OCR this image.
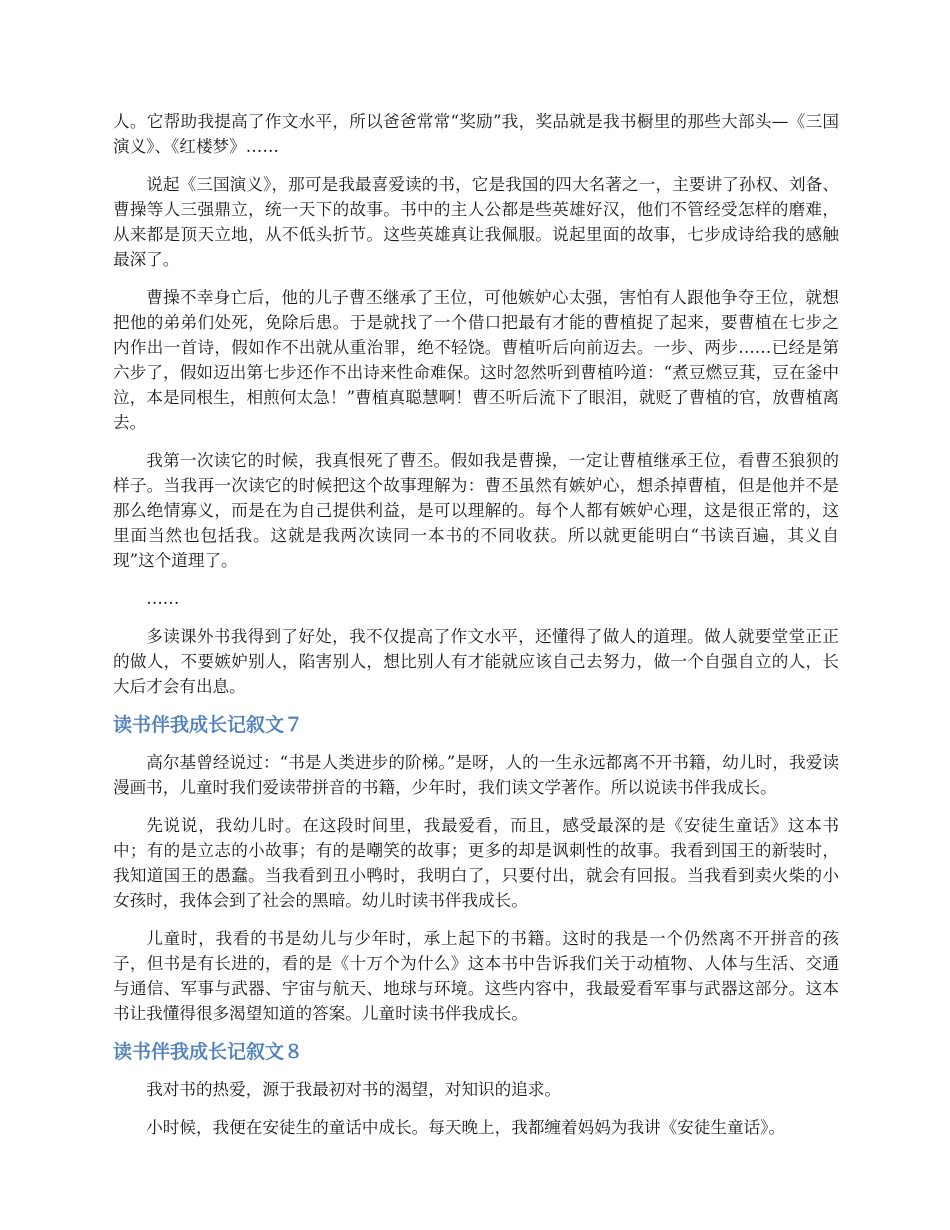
人。它帮助我提高了作文水平，所以爸爸常常“奖励”我，奖品就是我书橱里的那些大部头—《三国演义》、《红楼梦》……

说起《三国演义》，那可是我最喜爱读的书，它是我国的四大名著之一，主要讲了孙权、刘备、曹操等人三强鼎立，统一天下的故事。书中的主人公都是些英雄好汉，他们不管经受怎样的磨难，从来都是顶天立地，从不低头折节。这些英雄真让我佩服。说起里面的故事，七步成诗给我的感触最深了。

曹操不幸身亡后，他的儿子曹丕继承了王位，可他嫉妒心太强，害怕有人跟他争夺王位，就想把他的弟弟们处死，免除后患。于是就找了一个借口把最有才能的曹植捉了起来，要曹植在七步之内作出一首诗，假如作不出就从重治罪，绝不轻饶。曹植听后向前迈去。一步、两步……已经是第六步了，假如迈出第七步还作不出诗来性命难保。这时忽然听到曹植吟道：“煮豆燃豆萁，豆在釜中泣，本是同根生，相煎何太急！”曹植真聪慧啊！曹丕听后流下了眼泪，就贬了曹植的官，放曹植离去。

我第一次读它的时候，我真恨死了曹丕。假如我是曹操，一定让曹植继承王位，看曹丕狼狈的样子。当我再一次读它的时候把这个故事理解为：曹丕虽然有嫉妒心，想杀掉曹植，但是他并不是那么绝情寡义，而是在为自己提供利益，是可以理解的。每个人都有嫉妒心理，这是很正常的，这里面当然也包括我。这就是我两次读同一本书的不同收获。所以就更能明白“书读百遍，其义自现”这个道理了。

……

多读课外书我得到了好处，我不仅提高了作文水平，还懂得了做人的道理。做人就要堂堂正正的做人，不要嫉妒别人，陷害别人，想比别人有才能就应该自己去努力，做一个自强自立的人，长大后才会有出息。

读书伴我成长记叙文７

高尔基曾经说过：“书是人类进步的阶梯。”是呀，人的一生永远都离不开书籍，幼儿时，我爱读漫画书，儿童时我们爱读带拼音的书籍，少年时，我们读文学著作。所以说读书伴我成长。

先说说，我幼儿时。在这段时间里，我最爱看，而且，感受最深的是《安徒生童话》这本书中；有的是立志的小故事；有的是嘲笑的故事；更多的却是讽刺性的故事。我看到国王的新装时，我知道国王的愚蠢。当我看到丑小鸭时，我明白了，只要付出，就会有回报。当我看到卖火柴的小女孩时，我体会到了社会的黑暗。幼儿时读书伴我成长。

儿童时，我看的书是幼儿与少年时，承上起下的书籍。这时的我是一个仍然离不开拼音的孩子，但书是有长进的，看的是《十万个为什么》这本书中告诉我们关于动植物、人体与生活、交通与通信、军事与武器、宇宙与航天、地球与环境。这些内容中，我最爱看军事与武器这部分。这本书让我懂得很多渴望知道的答案。儿童时读书伴我成长。

读书伴我成长记叙文８

我对书的热爱，源于我最初对书的渴望，对知识的追求。

小时候，我便在安徒生的童话中成长。每天晚上，我都缠着妈妈为我讲《安徒生童话》。
